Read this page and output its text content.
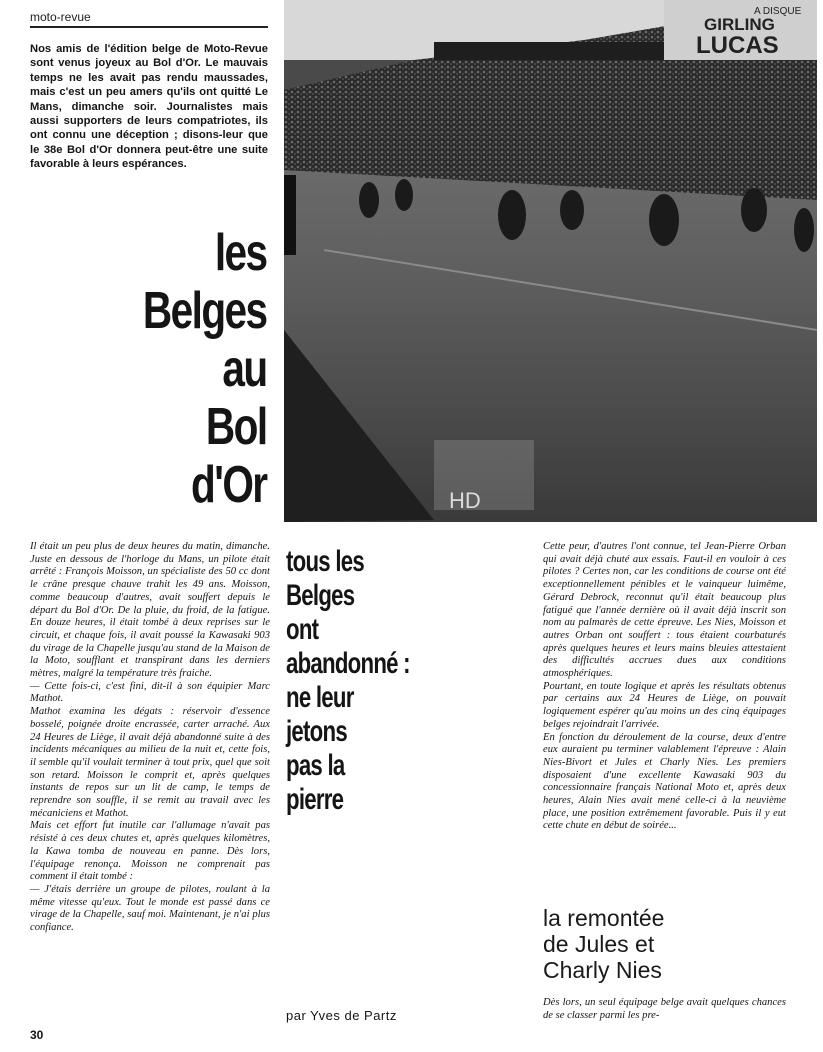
moto-revue
Nos amis de l'édition belge de Moto-Revue sont venus joyeux au Bol d'Or. Le mauvais temps ne les avait pas rendu maussades, mais c'est un peu amers qu'ils ont quitté Le Mans, dimanche soir. Journalistes mais aussi supporters de leurs compatriotes, ils ont connu une déception ; disons-leur que le 38e Bol d'Or donnera peut-être une suite favorable à leurs espérances.
les
Belges
au
Bol
d'Or
A DISQUE
GIRLING
LUCAS
HD

Il était un peu plus de deux heures du matin, dimanche. Juste en dessous de l'horloge du Mans, un pilote était arrêté : François Moisson, un spécialiste des 50 cc dont le crâne presque chauve trahit les 49 ans. Moisson, comme beaucoup d'autres, avait souffert depuis le départ du Bol d'Or. De la pluie, du froid, de la fatigue. En douze heures, il était tombé à deux reprises sur le circuit, et chaque fois, il avait poussé la Kawasaki 903 du virage de la Chapelle jusqu'au stand de la Maison de la Moto, soufflant et transpirant dans les derniers mètres, malgré la température très fraiche.

— Cette fois-ci, c'est fini, dit-il à son équipier Marc Mathot.

Mathot examina les dégats : réservoir d'essence bosselé, poignée droite encrassée, carter arraché. Aux 24 Heures de Liège, il avait déjà abandonné suite à des incidents mécaniques au milieu de la nuit et, cette fois, il semble qu'il voulait terminer à tout prix, quel que soit son retard. Moisson le comprit et, après quelques instants de repos sur un lit de camp, le temps de reprendre son souffle, il se remit au travail avec les mécaniciens et Mathot.

Mais cet effort fut inutile car l'allumage n'avait pas résisté à ces deux chutes et, après quelques kilomètres, la Kawa tomba de nouveau en panne. Dès lors, l'équipage renonça. Moisson ne comprenait pas comment il était tombé :

— J'étais derrière un groupe de pilotes, roulant à la même vitesse qu'eux. Tout le monde est passé dans ce virage de la Chapelle, sauf moi. Maintenant, je n'ai plus confiance.

tous les
Belges
ont
abandonné :
ne leur
jetons
pas la
pierre
par Yves de Partz

Cette peur, d'autres l'ont connue, tel Jean-Pierre Orban qui avait déjà chuté aux essais. Faut-il en vouloir à ces pilotes ? Certes non, car les conditions de course ont été exceptionnellement pénibles et le vainqueur luimême, Gérard Debrock, reconnut qu'il était beaucoup plus fatigué que l'année dernière où il avait déjà inscrit son nom au palmarès de cette épreuve. Les Nies, Moisson et autres Orban ont souffert : tous étaient courbaturés après quelques heures et leurs mains bleuies attestaient des difficultés accrues dues aux conditions atmosphériques.

Pourtant, en toute logique et après les résultats obtenus par certains aux 24 Heures de Liège, on pouvait logiquement espérer qu'au moins un des cinq équipages belges rejoindrait l'arrivée.

En fonction du déroulement de la course, deux d'entre eux auraient pu terminer valablement l'épreuve : Alain Nies-Bivort et Jules et Charly Nies. Les premiers disposaient d'une excellente Kawasaki 903 du concessionnaire français National Moto et, après deux heures, Alain Nies avait mené celle-ci à la neuvième place, une position extrêmement favorable. Puis il y eut cette chute en début de soirée...

la remontée
de Jules et
Charly Nies
Dès lors, un seul équipage belge avait quelques chances de se classer parmi les pre-
30
